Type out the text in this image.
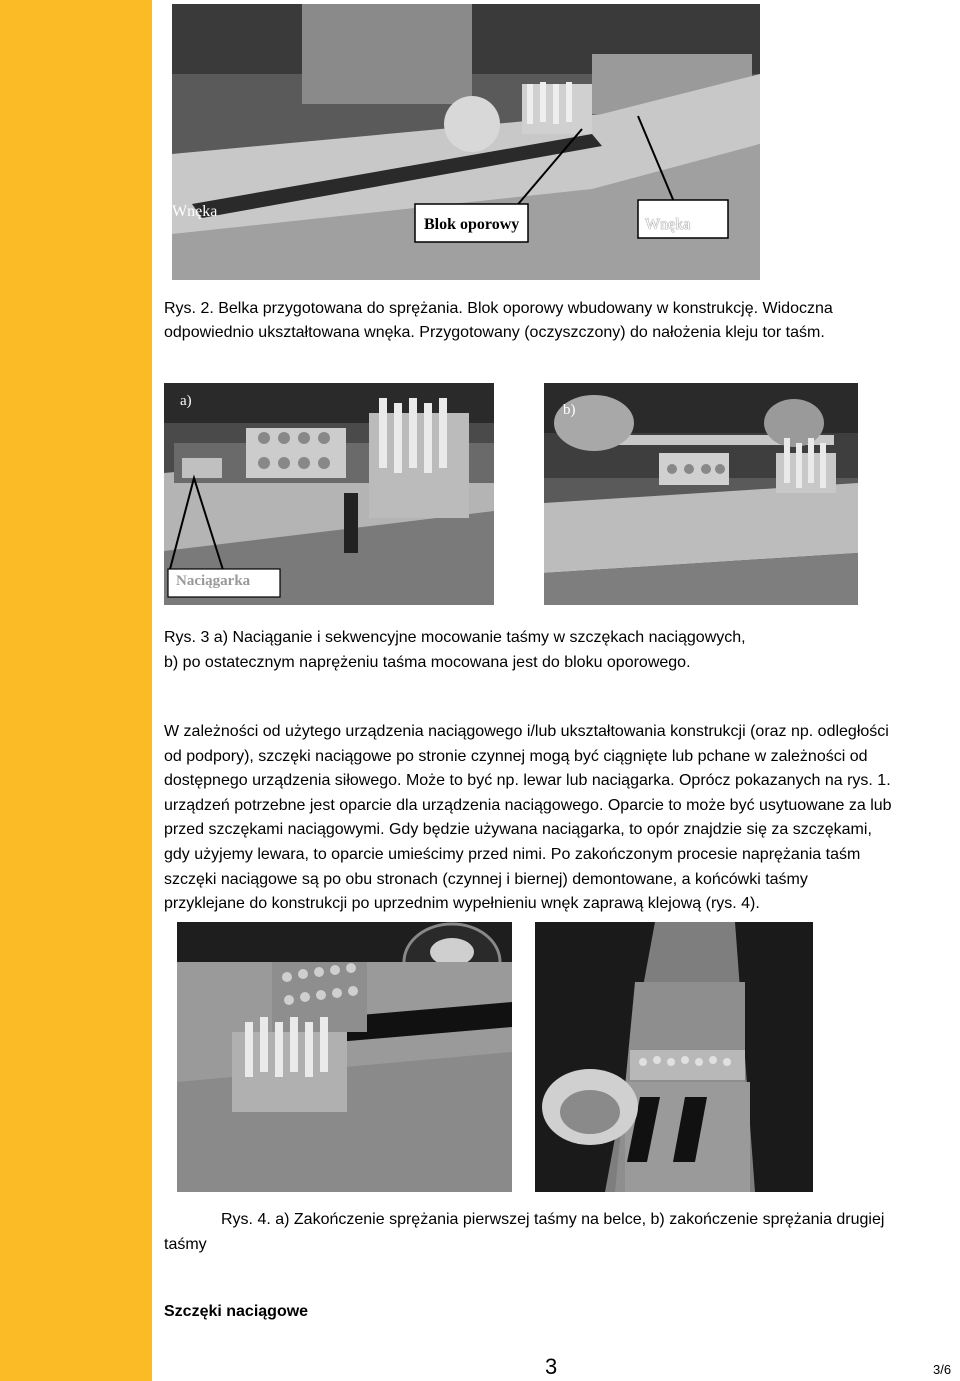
Wnęka
Blok oporowy	Wnęka
Rys. 2. Belka przygotowana do sprężania. Blok oporowy wbudowany w konstrukcję. Widoczna
odpowiednio ukształtowana wnęka. Przygotowany (oczyszczony) do nałożenia kleju tor taśm.
a)
Naciągarka
b)
Rys. 3 a) Naciąganie i sekwencyjne mocowanie taśmy w szczękach naciągowych,
b) po ostatecznym naprężeniu taśma mocowana jest do bloku oporowego.
W zależności od użytego urządzenia naciągowego i/lub ukształtowania konstrukcji (oraz np. odległości
od podpory), szczęki naciągowe po stronie czynnej mogą być ciągnięte lub pchane w zależności od
dostępnego urządzenia siłowego. Może to być np. lewar lub naciągarka. Oprócz pokazanych na rys. 1.
urządzeń potrzebne jest oparcie dla urządzenia naciągowego. Oparcie to może być usytuowane za lub
przed szczękami naciągowymi. Gdy będzie używana naciągarka, to opór znajdzie się za szczękami,
gdy użyjemy lewara, to oparcie umieścimy przed nimi. Po zakończonym procesie naprężania taśm
szczęki naciągowe są po obu stronach (czynnej i biernej) demontowane, a końcówki taśmy
przyklejane do konstrukcji po uprzednim wypełnieniu wnęk zaprawą klejową (rys. 4).
Rys. 4. a) Zakończenie sprężania pierwszej taśmy na belce, b) zakończenie sprężania drugiej
taśmy
Szczęki naciągowe
3	3/6
